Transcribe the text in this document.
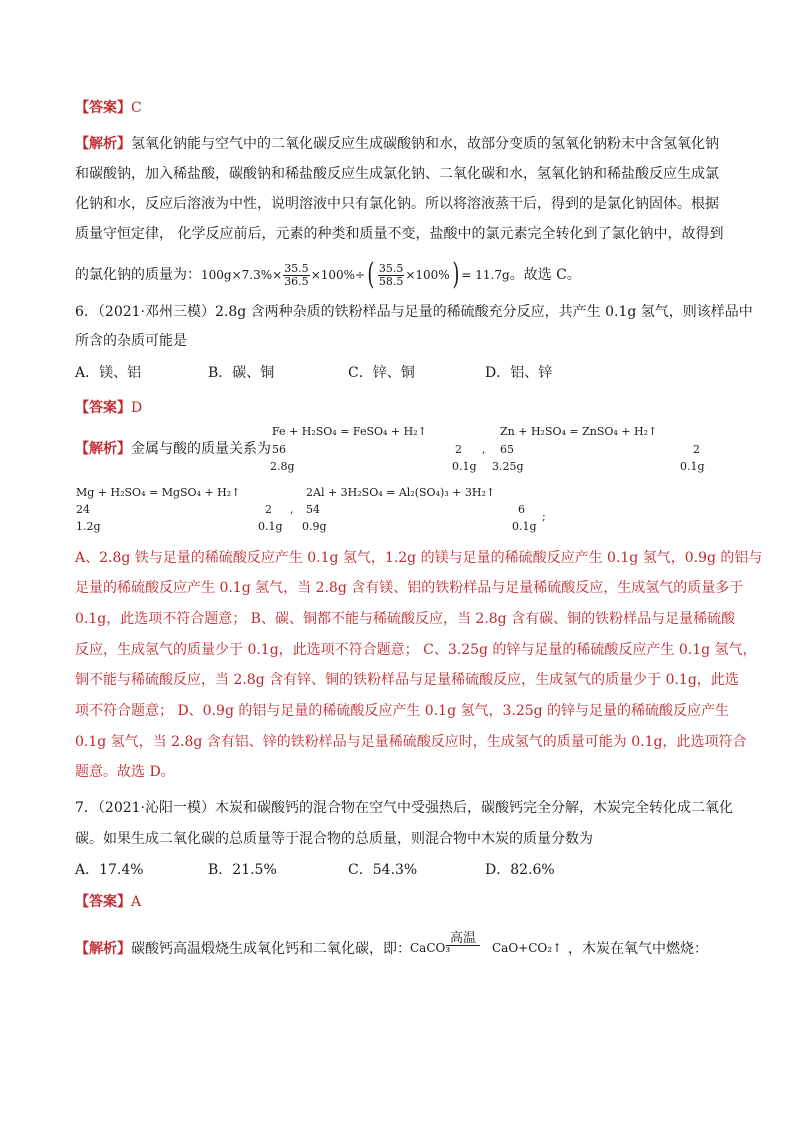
【答案】C
【解析】氢氧化钠能与空气中的二氧化碳反应生成碳酸钠和水，故部分变质的氢氧化钠粉末中含氢氧化钠
和碳酸钠，加入稀盐酸，碳酸钠和稀盐酸反应生成氯化钠、二氧化碳和水，氢氧化钠和稀盐酸反应生成氯
化钠和水，反应后溶液为中性，说明溶液中只有氯化钠。所以将溶液蒸干后，得到的是氯化钠固体。根据
质量守恒定律， 化学反应前后，元素的种类和质量不变，盐酸中的氯元素完全转化到了氯化钠中，故得到
的氯化钠的质量为：$100g\times 7.3\%\times \frac{35.5}{36.5} \times 100\%\div( \frac{35.5}{58.5} \times 100\%) = 11.7g$。故选 C。
6．（2021·邓州三模）2.8g 含两种杂质的铁粉样品与足量的稀硫酸充分反应，共产生 0.1g 氢气，则该样品中
所含的杂质可能是
A．镁、铝	B．碳、铜	C．锌、铜	D．铝、锌
【答案】D
【解析】金属与酸的质量关系为
Fe + H₂SO₄ = FeSO₄ + H₂↑
56	2
2.8g	0.1g
,
Zn + H₂SO₄ = ZnSO₄ + H₂↑
65	2
3.25g	0.1g
Mg + H₂SO₄ = MgSO₄ + H₂↑
24	2
1.2g	0.1g
,
2Al + 3H₂SO₄ = Al₂(SO₄)₃ + 3H₂↑
54	6
0.9g	0.1g
;
A、2.8g 铁与足量的稀硫酸反应产生 0.1g 氢气，1.2g 的镁与足量的稀硫酸反应产生 0.1g 氢气，0.9g 的铝与
足量的稀硫酸反应产生 0.1g 氢气，当 2.8g 含有镁、铝的铁粉样品与足量稀硫酸反应，生成氢气的质量多于
0.1g，此选项不符合题意； B、碳、铜都不能与稀硫酸反应，当 2.8g 含有碳、铜的铁粉样品与足量稀硫酸
反应，生成氢气的质量少于 0.1g，此选项不符合题意； C、3.25g 的锌与足量的稀硫酸反应产生 0.1g 氢气，
铜不能与稀硫酸反应，当 2.8g 含有锌、铜的铁粉样品与足量稀硫酸反应，生成氢气的质量少于 0.1g，此选
项不符合题意； D、0.9g 的铝与足量的稀硫酸反应产生 0.1g 氢气，3.25g 的锌与足量的稀硫酸反应产生
0.1g 氢气，当 2.8g 含有铝、锌的铁粉样品与足量稀硫酸反应时，生成氢气的质量可能为 0.1g，此选项符合
题意。故选 D。
7．（2021·沁阳一模）木炭和碳酸钙的混合物在空气中受强热后，碳酸钙完全分解，木炭完全转化成二氧化
碳。如果生成二氧化碳的总质量等于混合物的总质量，则混合物中木炭的质量分数为
A．17.4%	B．21.5%	C．54.3%	D．82.6%
【答案】A
【解析】碳酸钙高温煅烧生成氧化钙和二氧化碳，即： CaCO₃
高温
CaO+CO₂↑ ，木炭在氧气中燃烧：
